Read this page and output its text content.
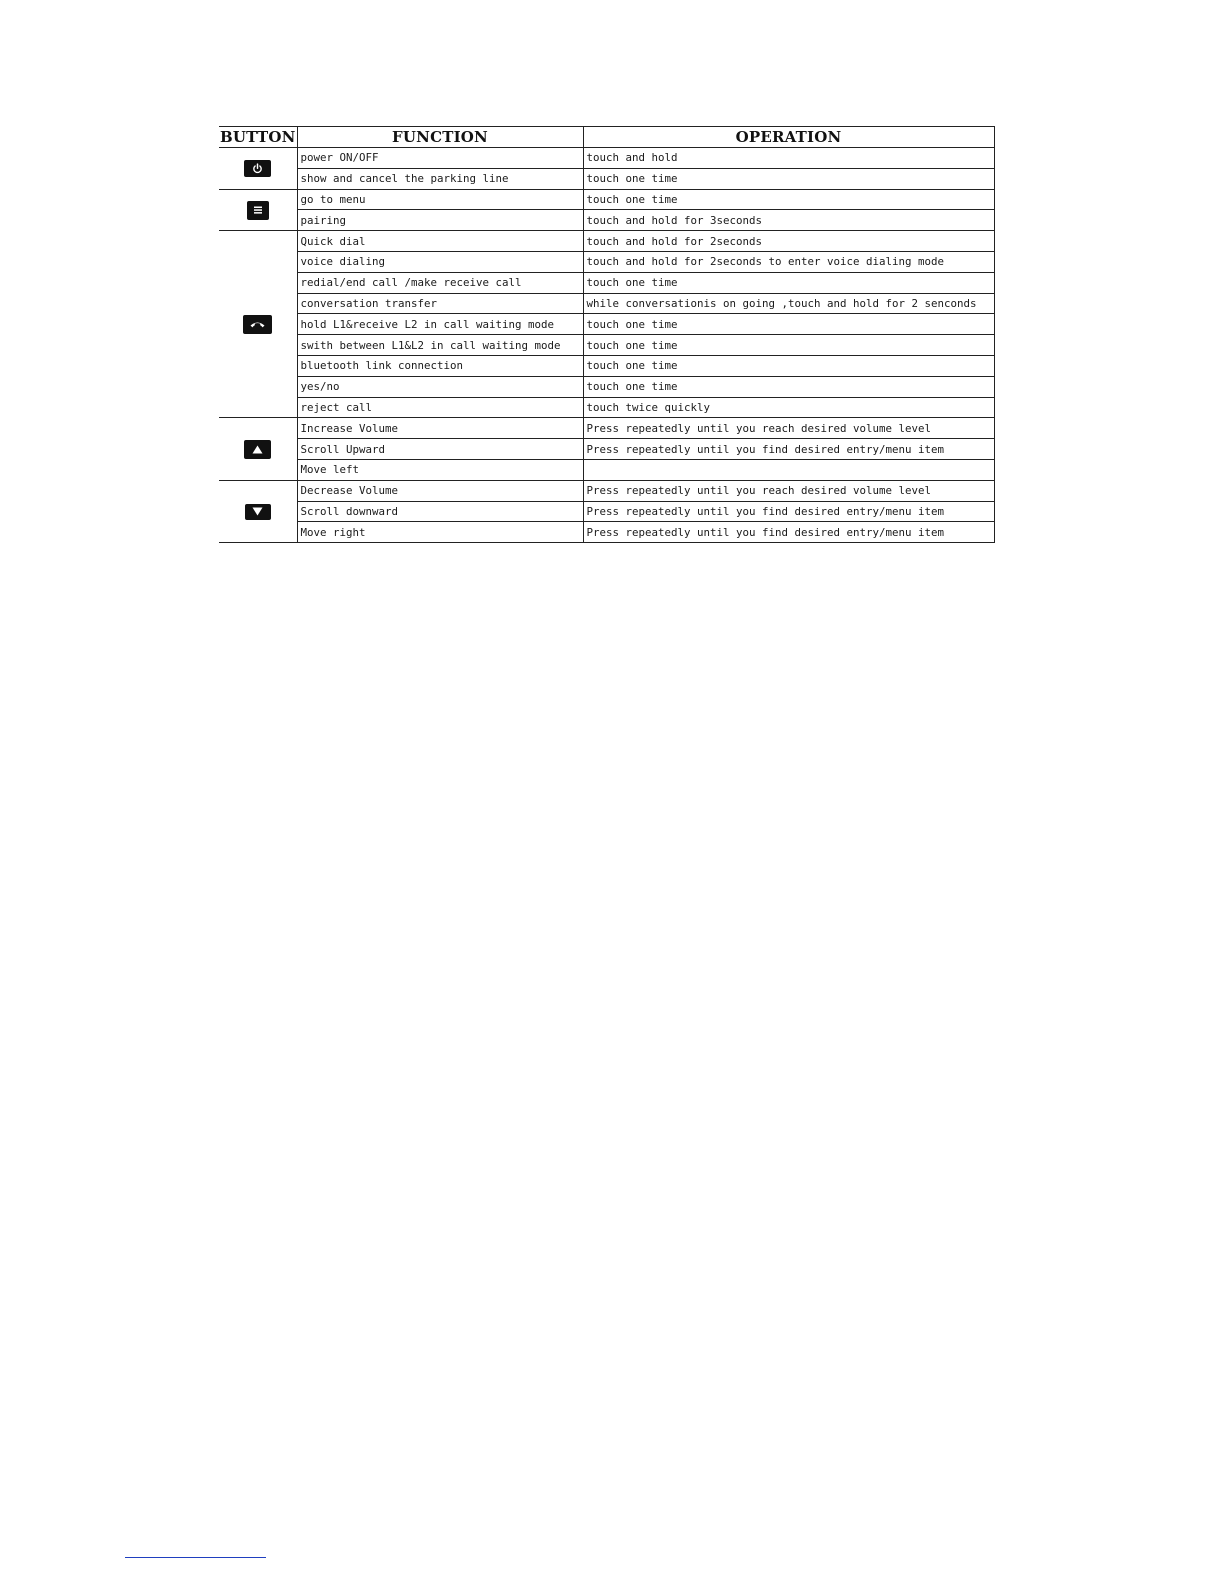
BUTTON	FUNCTION	OPERATION

	power ON/OFF	touch and hold
	show and cancel the parking line	touch one time

	go to menu	touch one time
	pairing	touch and hold for 3seconds

	Quick dial	touch and hold for 2seconds
	voice dialing	touch and hold for 2seconds to enter voice dialing mode
	redial/end call /make receive call	touch one time
	conversation transfer	while conversationis on going ,touch and hold for 2 senconds
	hold L1&receive L2 in call waiting mode	touch one time
	swith between L1&L2 in call waiting mode	touch one time
	bluetooth link connection	touch one time
	yes/no	touch one time
	reject call	touch twice quickly

	Increase Volume	Press repeatedly until you reach desired volume level
	Scroll Upward	Press repeatedly until you find desired entry/menu item
	Move left	

	Decrease Volume	Press repeatedly until you reach desired volume level
	Scroll downward	Press repeatedly until you find desired entry/menu item
	Move right	Press repeatedly until you find desired entry/menu item
